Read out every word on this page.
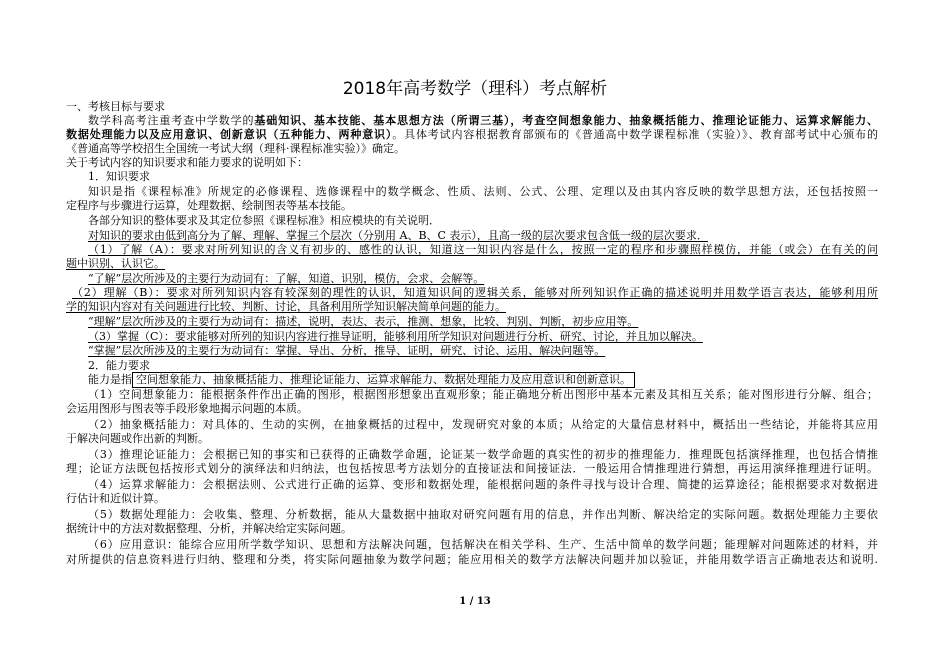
2018年高考数学（理科）考点解析
一、考核目标与要求
数学科高考注重考查中学数学的基础知识、基本技能、基本思想方法（所谓三基），考查空间想象能力、抽象概括能力、推理论证能力、运算求解能力、
数据处理能力以及应用意识、创新意识（五种能力、两种意识）。具体考试内容根据教育部颁布的《普通高中数学课程标准（实验）》、教育部考试中心颁布的
《普通高等学校招生全国统一考试大纲（理科·课程标准实验）》确定。
关于考试内容的知识要求和能力要求的说明如下：
1．知识要求
知识是指《课程标准》所规定的必修课程、选修课程中的数学概念、性质、法则、公式、公理、定理以及由其内容反映的数学思想方法，还包括按照一
定程序与步骤进行运算，处理数据、绘制图表等基本技能。
各部分知识的整体要求及其定位参照《课程标准》相应模块的有关说明．
对知识的要求由低到高分为了解、理解、掌握三个层次（分别用 A、B、C 表示），且高一级的层次要求包含低一级的层次要求．
（1）了解（A）：要求对所列知识的含义有初步的、感性的认识，知道这一知识内容是什么，按照一定的程序和步骤照样模仿，并能（或会）在有关的问
题中识别、认识它。
“了解”层次所涉及的主要行为动词有：了解，知道、识别，模仿，会求、会解等。
（2）理解（B）：要求对所列知识内容有较深刻的理性的认识，知道知识间的逻辑关系，能够对所列知识作正确的描述说明并用数学语言表达，能够利用所
学的知识内容对有关问题进行比较、判断、讨论，具备利用所学知识解决简单问题的能力。
“理解”层次所涉及的主要行为动词有：描述，说明，表达、表示，推测、想象，比较、判别、判断，初步应用等。
（3）掌握（C）：要求能够对所列的知识内容进行推导证明，能够利用所学知识对问题进行分析、研究、讨论，并且加以解决。
“掌握”层次所涉及的主要行为动词有：掌握、导出、分析，推导、证明，研究、讨论、运用、解决问题等。
2．能力要求
能力是指 空间想象能力、抽象概括能力、推理论证能力、运算求解能力、数据处理能力及应用意识和创新意识。
（1）空间想象能力：能根据条件作出正确的图形，根据图形想象出直观形象；能正确地分析出图形中基本元素及其相互关系；能对图形进行分解、组合；
会运用图形与图表等手段形象地揭示问题的本质。
（2）抽象概括能力：对具体的、生动的实例，在抽象概括的过程中，发现研究对象的本质；从给定的大量信息材料中，概括出一些结论，并能将其应用
于解决问题或作出新的判断。
（3）推理论证能力：会根据已知的事实和已获得的正确数学命题，论证某一数学命题的真实性的初步的推理能力．推理既包括演绎推理，也包括合情推
理；论证方法既包括按形式划分的演绎法和归纳法，也包括按思考方法划分的直接证法和间接证法．一般运用合情推理进行猜想，再运用演绎推理进行证明。
（4）运算求解能力：会根据法则、公式进行正确的运算、变形和数据处理，能根据问题的条件寻找与设计合理、简捷的运算途径；能根据要求对数据进
行估计和近似计算。
（5）数据处理能力：会收集、整理、分析数据，能从大量数据中抽取对研究问题有用的信息，并作出判断、解决给定的实际问题。数据处理能力主要依
据统计中的方法对数据整理、分析，并解决给定实际问题。
（6）应用意识：能综合应用所学数学知识、思想和方法解决问题，包括解决在相关学科、生产、生活中简单的数学问题；能理解对问题陈述的材料，并
对所提供的信息资料进行归纳、整理和分类，将实际问题抽象为数学问题；能应用相关的数学方法解决问题并加以验证，并能用数学语言正确地表达和说明.
1 / 13
